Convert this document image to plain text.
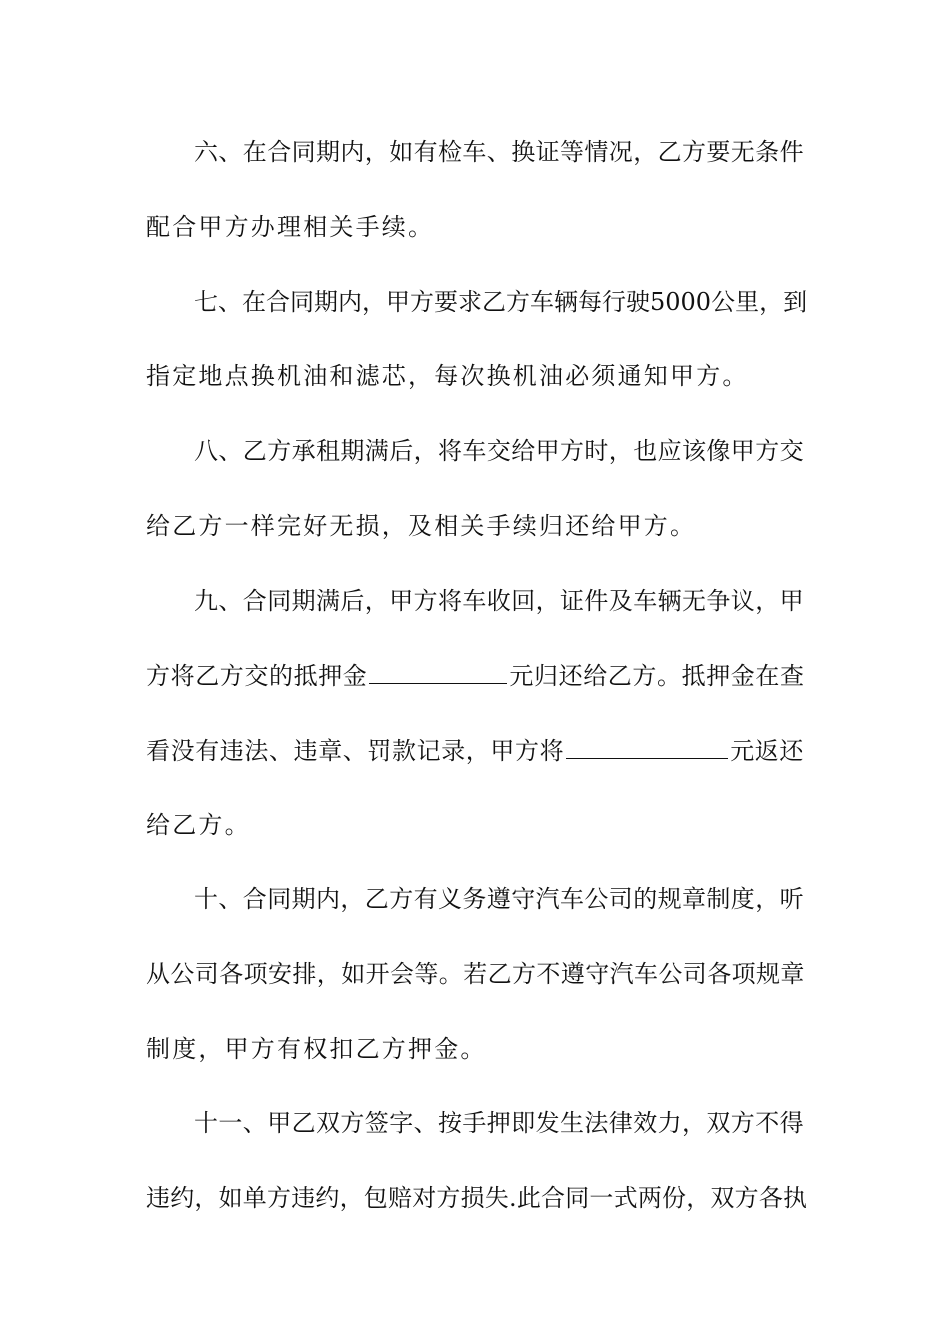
六、在合同期内，如有检车、换证等情况，乙方要无条件
配合甲方办理相关手续。
七、在合同期内，甲方要求乙方车辆每行驶5000公里，到
指定地点换机油和滤芯，每次换机油必须通知甲方。
八、乙方承租期满后，将车交给甲方时，也应该像甲方交
给乙方一样完好无损，及相关手续归还给甲方。
九、合同期满后，甲方将车收回，证件及车辆无争议，甲
方将乙方交的抵押金	元归还给乙方。抵押金在查
看没有违法、违章、罚款记录，甲方将	元返还
给乙方。
十、合同期内，乙方有义务遵守汽车公司的规章制度，听
从公司各项安排，如开会等。若乙方不遵守汽车公司各项规章
制度，甲方有权扣乙方押金。
十一、甲乙双方签字、按手押即发生法律效力，双方不得
违约，如单方违约，包赔对方损失.此合同一式两份，双方各执
